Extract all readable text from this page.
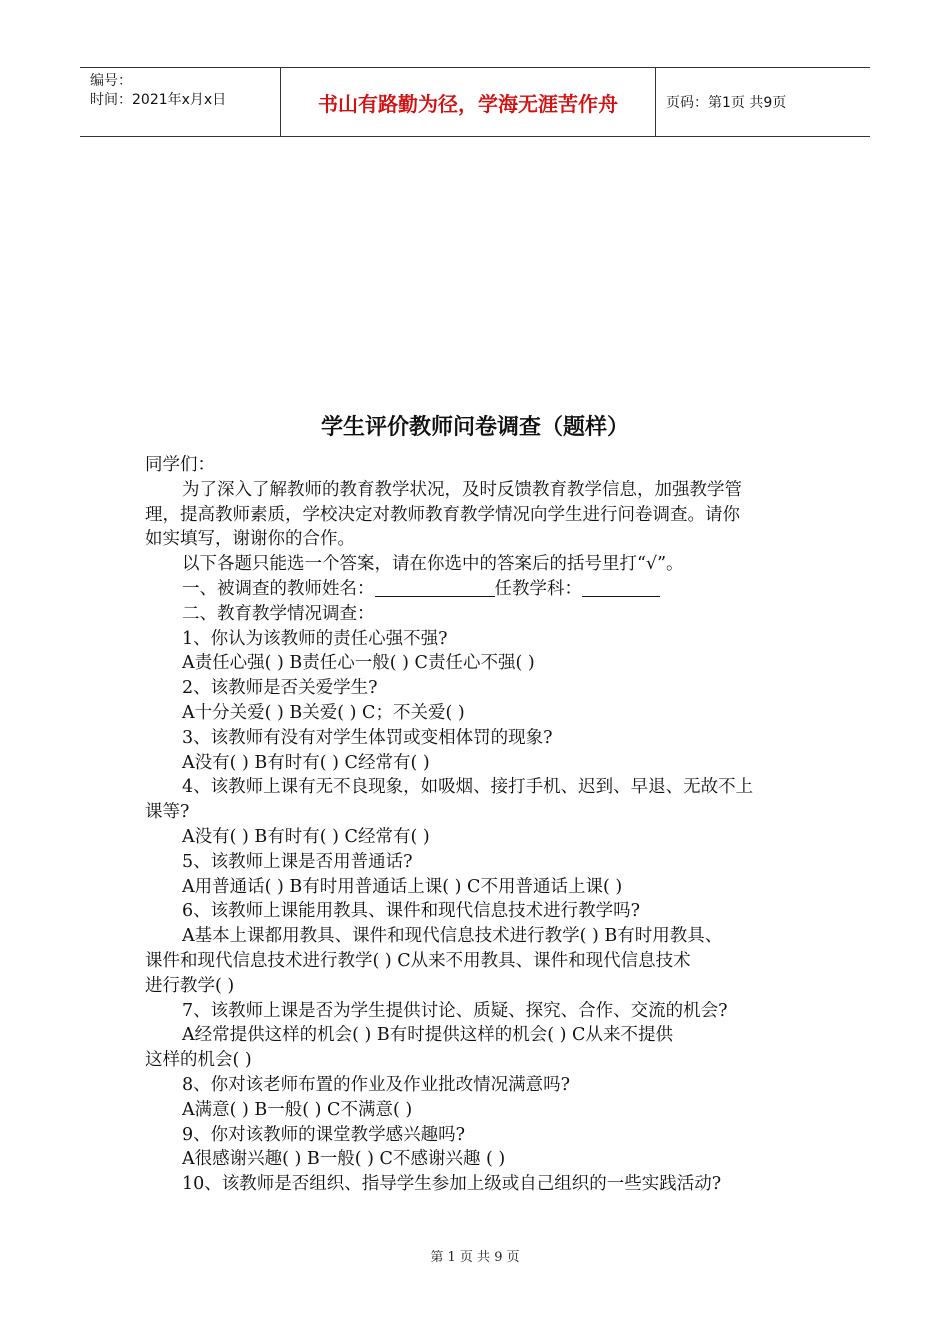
编号：
时间：2021年x月x日	书山有路勤为径，学海无涯苦作舟	页码：第1页 共9页
学生评价教师问卷调查（题样）
同学们：
为了深入了解教师的教育教学状况，及时反馈教育教学信息，加强教学管
理，提高教师素质，学校决定对教师教育教学情况向学生进行问卷调查。请你
如实填写，谢谢你的合作。
以下各题只能选一个答案，请在你选中的答案后的括号里打“√”。
一、被调查的教师姓名：	任教学科：
二、教育教学情况调查：
1、你认为该教师的责任心强不强?
A责任心强( ) B责任心一般( ) C责任心不强( )
2、该教师是否关爱学生?
A十分关爱( ) B关爱( ) C；不关爱( )
3、该教师有没有对学生体罚或变相体罚的现象?
A没有( ) B有时有( ) C经常有( )
4、该教师上课有无不良现象，如吸烟、接打手机、迟到、早退、无故不上
课等?
A没有( ) B有时有( ) C经常有( )
5、该教师上课是否用普通话?
A用普通话( ) B有时用普通话上课( ) C不用普通话上课( )
6、该教师上课能用教具、课件和现代信息技术进行教学吗?
A基本上课都用教具、课件和现代信息技术进行教学( ) B有时用教具、
课件和现代信息技术进行教学( ) C从来不用教具、课件和现代信息技术
进行教学( )
7、该教师上课是否为学生提供讨论、质疑、探究、合作、交流的机会?
A经常提供这样的机会( ) B有时提供这样的机会( ) C从来不提供
这样的机会( )
8、你对该老师布置的作业及作业批改情况满意吗?
A满意( ) B一般( ) C不满意( )
9、你对该教师的课堂教学感兴趣吗?
A很感谢兴趣( ) B一般( ) C不感谢兴趣 ( )
10、该教师是否组织、指导学生参加上级或自己组织的一些实践活动?
第 1 页 共 9 页
